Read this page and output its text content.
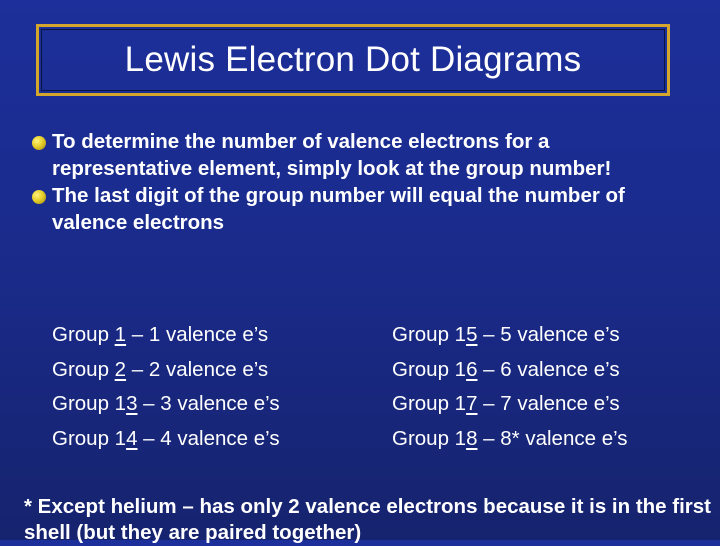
Lewis Electron Dot Diagrams
To determine the number of valence electrons for a representative element, simply look at the group number!
The last digit of the group number will equal the number of valence electrons
Group 1 – 1 valence e’s
Group 2 – 2 valence e’s
Group 13 – 3 valence e’s
Group 14 – 4 valence e’s
Group 15 – 5 valence e’s
Group 16 – 6 valence e’s
Group 17 – 7 valence e’s
Group 18 – 8* valence e’s
* Except helium – has only 2 valence electrons because it is in the first shell (but they are paired together)
